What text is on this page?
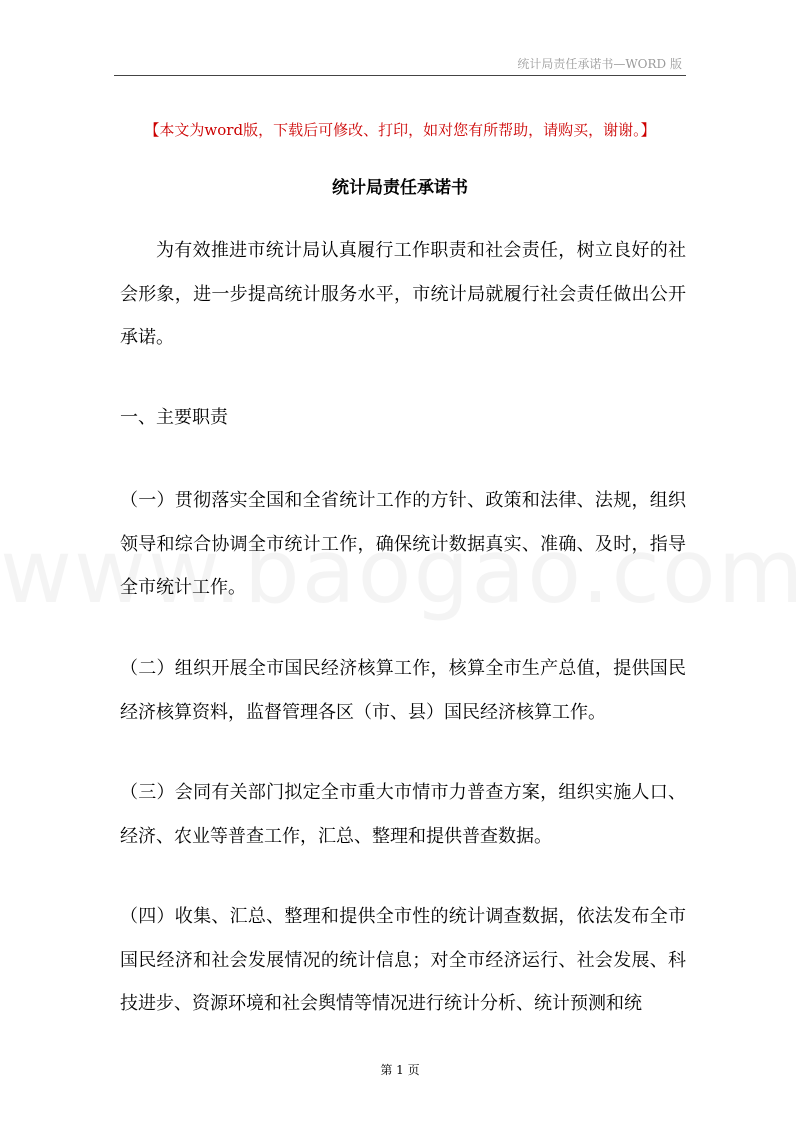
统计局责任承诺书—WORD 版
【本文为word版，下载后可修改、打印，如对您有所帮助，请购买，谢谢。】
统计局责任承诺书
为有效推进市统计局认真履行工作职责和社会责任，树立良好的社会形象，进一步提高统计服务水平，市统计局就履行社会责任做出公开承诺。
一、主要职责
（一）贯彻落实全国和全省统计工作的方针、政策和法律、法规，组织领导和综合协调全市统计工作，确保统计数据真实、准确、及时，指导全市统计工作。
（二）组织开展全市国民经济核算工作，核算全市生产总值，提供国民经济核算资料，监督管理各区（市、县）国民经济核算工作。
（三）会同有关部门拟定全市重大市情市力普查方案，组织实施人口、经济、农业等普查工作，汇总、整理和提供普查数据。
（四）收集、汇总、整理和提供全市性的统计调查数据，依法发布全市国民经济和社会发展情况的统计信息；对全市经济运行、社会发展、科技进步、资源环境和社会舆情等情况进行统计分析、统计预测和统
第 1 页
